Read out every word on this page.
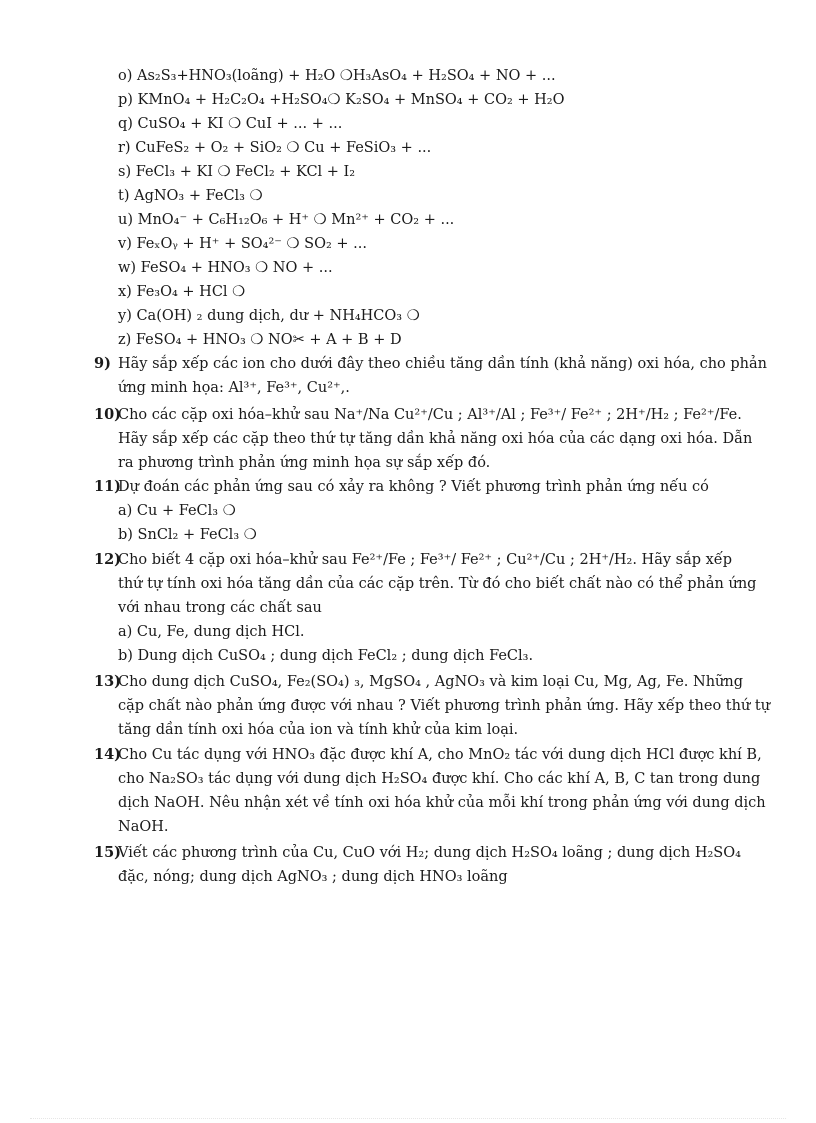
o) As₂S₃+HNO₃(loãng) + H₂O ❍H₃AsO₄ + H₂SO₄ + NO + ...
p) KMnO₄ + H₂C₂O₄ +H₂SO₄❍ K₂SO₄ + MnSO₄ + CO₂ + H₂O
q) CuSO₄ + KI ❍ CuI + ... + ...
r) CuFeS₂ + O₂ + SiO₂ ❍ Cu + FeSiO₃ + ...
s) FeCl₃ + KI ❍ FeCl₂ + KCl + I₂
t) AgNO₃ + FeCl₃ ❍
u) MnO₄⁻ + C₆H₁₂O₆ + H⁺ ❍ Mn²⁺ + CO₂ + ...
v) FeₓOᵧ + H⁺ + SO₄²⁻ ❍ SO₂ + ...
w) FeSO₄ + HNO₃ ❍ NO + ...
x) Fe₃O₄ + HCl ❍
y) Ca(OH) ₂ dung dịch, dư + NH₄HCO₃ ❍
z) FeSO₄ + HNO₃ ❍ NO✂ + A + B + D
9) Hãy sắp xếp các ion cho dưới đây theo chiều tăng dần tính (khả năng) oxi hóa, cho phản
ứng minh họa: Al³⁺, Fe³⁺, Cu²⁺,.
10)
Cho các cặp oxi hóa–khử sau Na⁺/Na Cu²⁺/Cu ; Al³⁺/Al ; Fe³⁺/ Fe²⁺ ; 2H⁺/H₂ ; Fe²⁺/Fe.
Hãy sắp xếp các cặp theo thứ tự tăng dần khả năng oxi hóa của các dạng oxi hóa. Dẫn
ra phương trình phản ứng minh họa sự sắp xếp đó.
11)
Dự đoán các phản ứng sau có xảy ra không ? Viết phương trình phản ứng nếu có
a) Cu + FeCl₃ ❍
b) SnCl₂ + FeCl₃ ❍
12)
Cho biết 4 cặp oxi hóa–khử sau Fe²⁺/Fe ; Fe³⁺/ Fe²⁺ ; Cu²⁺/Cu ; 2H⁺/H₂. Hãy sắp xếp
thứ tự tính oxi hóa tăng dần của các cặp trên. Từ đó cho biết chất nào có thể phản ứng
với nhau trong các chất sau
a) Cu, Fe, dung dịch HCl.
b) Dung dịch CuSO₄ ; dung dịch FeCl₂ ; dung dịch FeCl₃.
13)
Cho dung dịch CuSO₄, Fe₂(SO₄) ₃, MgSO₄ , AgNO₃ và kim loại Cu, Mg, Ag, Fe. Những
cặp chất nào phản ứng được với nhau ? Viết phương trình phản ứng. Hãy xếp theo thứ tự
tăng dần tính oxi hóa của ion và tính khử của kim loại.
14)
Cho Cu tác dụng với HNO₃ đặc được khí A, cho MnO₂ tác với dung dịch HCl được khí B,
cho Na₂SO₃ tác dụng với dung dịch H₂SO₄ được khí. Cho các khí A, B, C tan trong dung
dịch NaOH. Nêu nhận xét về tính oxi hóa khử của mỗi khí trong phản ứng với dung dịch
NaOH.
15)
Viết các phương trình của Cu, CuO với H₂; dung dịch H₂SO₄ loãng ; dung dịch H₂SO₄
đặc, nóng; dung dịch AgNO₃ ; dung dịch HNO₃ loãng
